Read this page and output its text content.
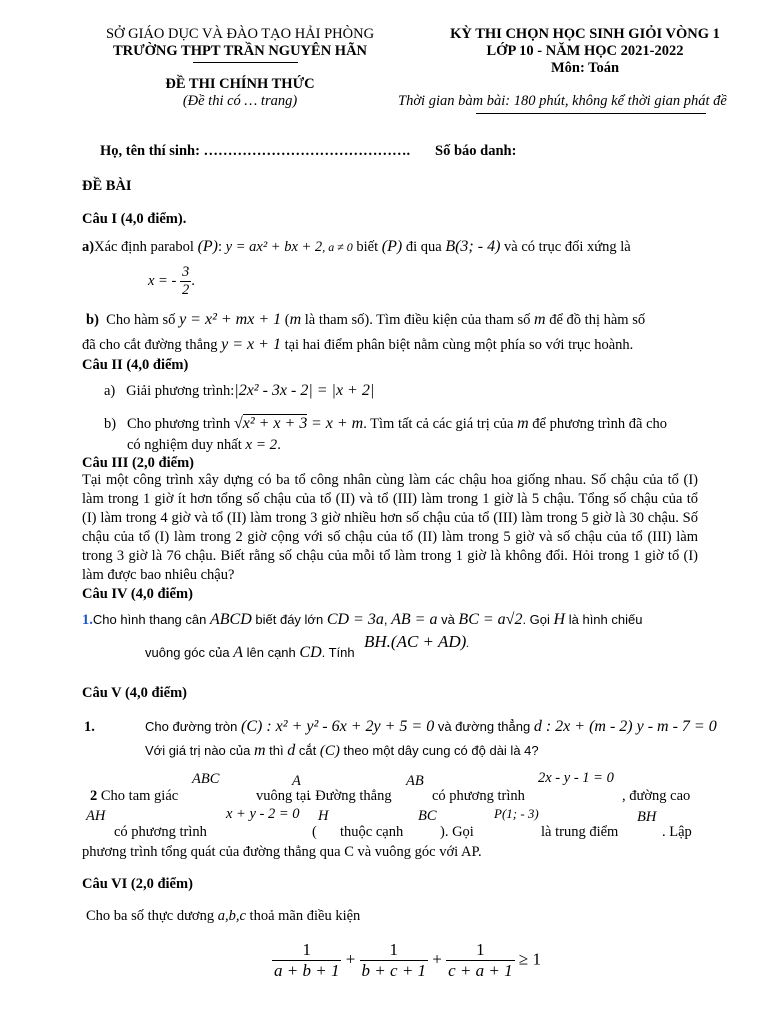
SỞ GIÁO DỤC VÀ ĐÀO TẠO HẢI PHÒNG
TRƯỜNG THPT TRẦN NGUYÊN HÃN
KỲ THI CHỌN HỌC SINH GIỎI VÒNG 1
LỚP 10 - NĂM HỌC 2021-2022
Môn: Toán
ĐỀ THI CHÍNH THỨC
(Đề thi có … trang)	Thời gian bàm bài: 180 phút, không kể thời gian phát đề
Họ, tên thí sinh: ……………………………………. Số báo danh:
ĐỀ BÀI
Câu I (4,0 điểm).
a)Xác định parabol (P): y = ax² + bx + 2, a ≠ 0 biết (P) đi qua B(3; - 4) và có trục đối xứng là
x = - $\frac{3}{2}$ .
b) Cho hàm số y = x² + mx + 1 (m là tham số). Tìm điều kiện của tham số m để đồ thị hàm số
đã cho cắt đường thẳng y = x + 1 tại hai điểm phân biệt nằm cùng một phía so với trục hoành.
Câu II (4,0 điểm)
a) Giải phương trình:|2x² - 3x - 2| = |x + 2|
b) Cho phương trình √x² + x + 3 = x + m. Tìm tất cả các giá trị của m để phương trình đã cho
có nghiệm duy nhất x = 2.
Câu III (2,0 điểm)
Tại một công trình xây dựng có ba tổ công nhân cùng làm các chậu hoa giống nhau. Số chậu của tổ (I) làm trong 1 giờ ít hơn tổng số chậu của tổ (II) và tổ (III) làm trong 1 giờ là 5 chậu. Tổng số chậu của tổ (I) làm trong 4 giờ và tổ (II) làm trong 3 giờ nhiều hơn số chậu của tổ (III) làm trong 5 giờ là 30 chậu. Số chậu của tổ (I) làm trong 2 giờ cộng với số chậu của tổ (II) làm trong 5 giờ và số chậu của tổ (III) làm trong 3 giờ là 76 chậu. Biết rằng số chậu của mỗi tổ làm trong 1 giờ là không đổi. Hỏi trong 1 giờ tổ (I) làm được bao nhiêu chậu?
Câu IV (4,0 điểm)
1.Cho hình thang cân ABCD biết đáy lớn CD = 3a, AB = a và BC = a√2. Gọi H là hình chiếu
vuông góc của A lên cạnh CD. Tính
BH.(AC + AD).
Câu V (4,0 điểm)
1.	Cho đường tròn (C) : x² + y² - 6x + 2y + 5 = 0 và đường thẳng d : 2x + (m - 2) y - m - 7 = 0
Với giá trị nào của m thì d cắt (C) theo một dây cung có độ dài là 4?
ABC	A	AB	2x - y - 1 = 0
2 Cho tam giác	vuông tại
. Đường thẳng	có phương trình	, đường cao
AH	x + y - 2 = 0 H	BC	P(1; - 3)	BH
có phương trình	( thuộc cạnh	). Gọi	là trung điểm	. Lập
phương trình tổng quát của đường thẳng qua C và vuông góc với AP.
Câu VI (2,0 điểm)
Cho ba số thực dương a,b,c thoả mãn điều kiện
$\frac{1}{a + b + 1} + \frac{1}{b + c + 1} + \frac{1}{c + a + 1} \ge 1$
